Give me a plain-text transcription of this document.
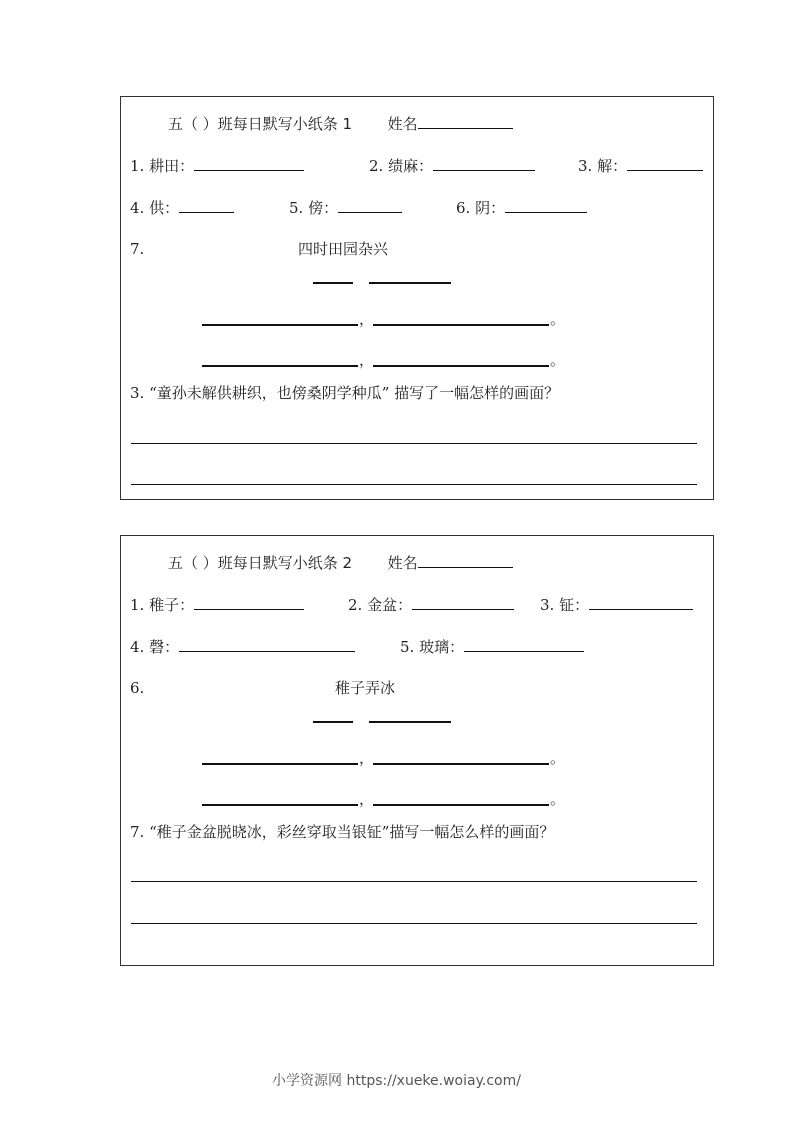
五（ ）班每日默写小纸条 1 姓名
1. 耕田：	2. 绩麻：	3. 解：
4. 供：	5. 傍：	6. 阴：
7.	四时田园杂兴
，	。
，	。
3. “童孙未解供耕织，也傍桑阴学种瓜” 描写了一幅怎样的画面？
五（ ）班每日默写小纸条 2 姓名
1. 稚子：	2. 金盆：	3. 钲：
4. 磬：	5. 玻璃：
6.	稚子弄冰
，	。
，	。
7. “稚子金盆脱晓冰，彩丝穿取当银钲”描写一幅怎么样的画面？
小学资源网 https://xueke.woiay.com/
